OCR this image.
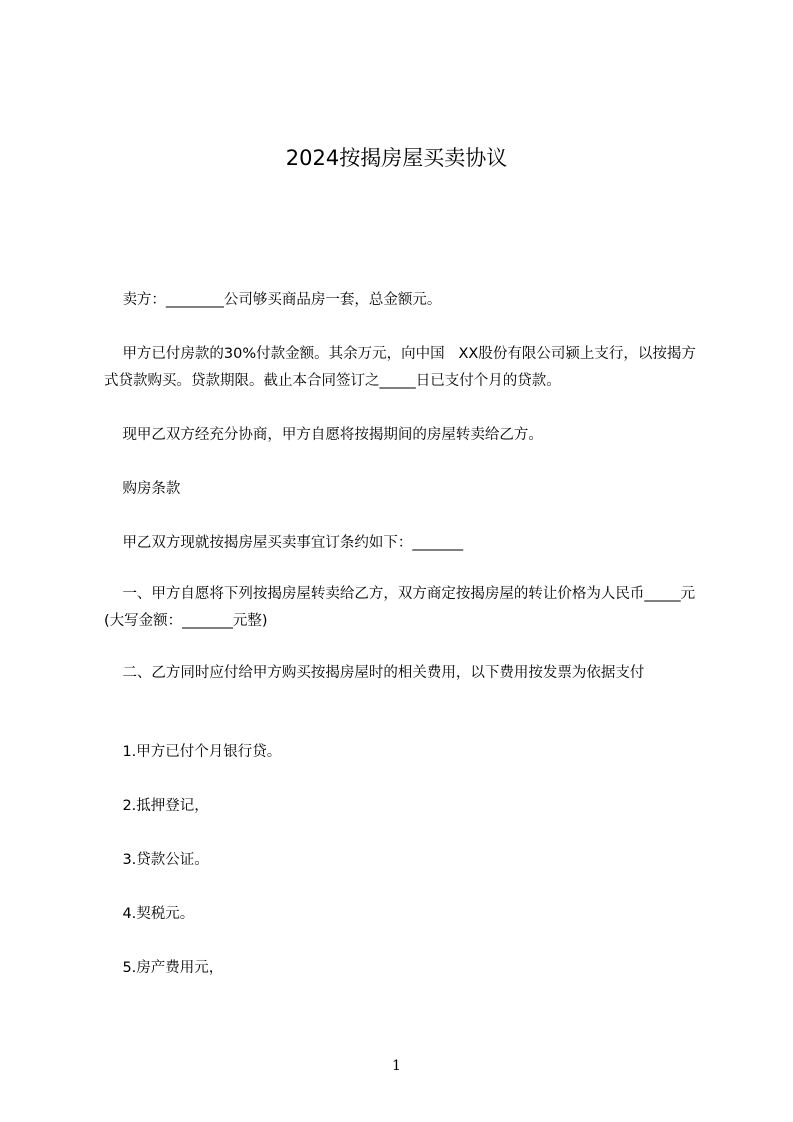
2024按揭房屋买卖协议
卖方：________公司够买商品房一套，总金额元。
甲方已付房款的30%付款金额。其余万元，向中国   XX股份有限公司颍上支行，以按揭方式贷款购买。贷款期限。截止本合同签订之_____日已支付个月的贷款。
现甲乙双方经充分协商，甲方自愿将按揭期间的房屋转卖给乙方。
购房条款
甲乙双方现就按揭房屋买卖事宜订条约如下：_______
一、甲方自愿将下列按揭房屋转卖给乙方，双方商定按揭房屋的转让价格为人民币_____元(大写金额：_______元整)
二、乙方同时应付给甲方购买按揭房屋时的相关费用，以下费用按发票为依据支付
1.甲方已付个月银行贷。
2.抵押登记，
3.贷款公证。
4.契税元。
5.房产费用元，
1
